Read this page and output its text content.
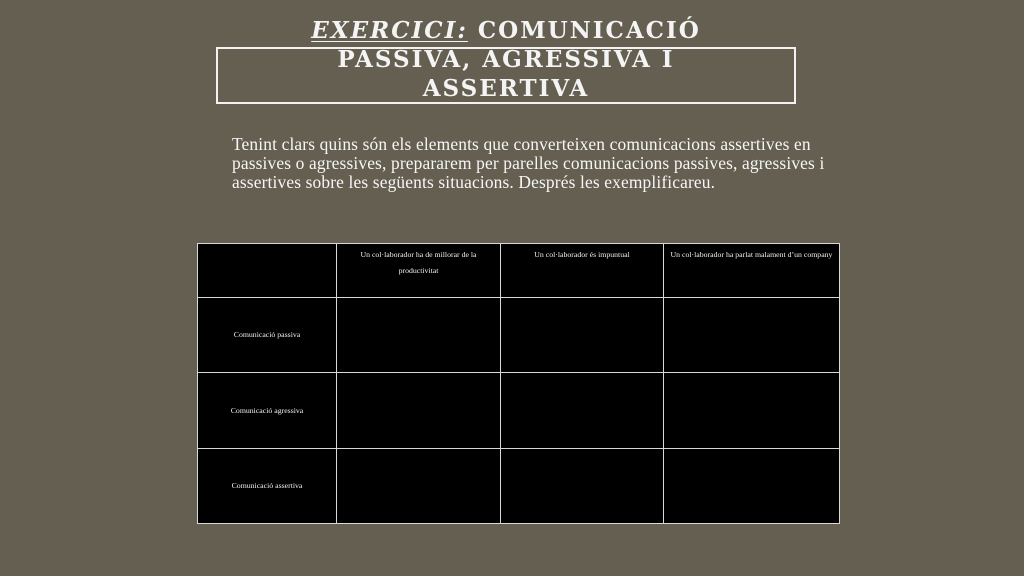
EXERCICI: COMUNICACIÓ
PASSIVA, AGRESSIVA I
ASSERTIVA

Tenint clars quins són els elements que converteixen comunicacions assertives en passives o agressives, prepararem per parelles comunicacions passives, agressives i assertives sobre les següents situacions. Després les exemplificareu.

	Un col·laborador ha de millorar de la productivitat	Un col·laborador és impuntual	Un col·laborador ha parlat malament d’un company
Comunicació passiva			
Comunicació agressiva			
Comunicació assertiva			
